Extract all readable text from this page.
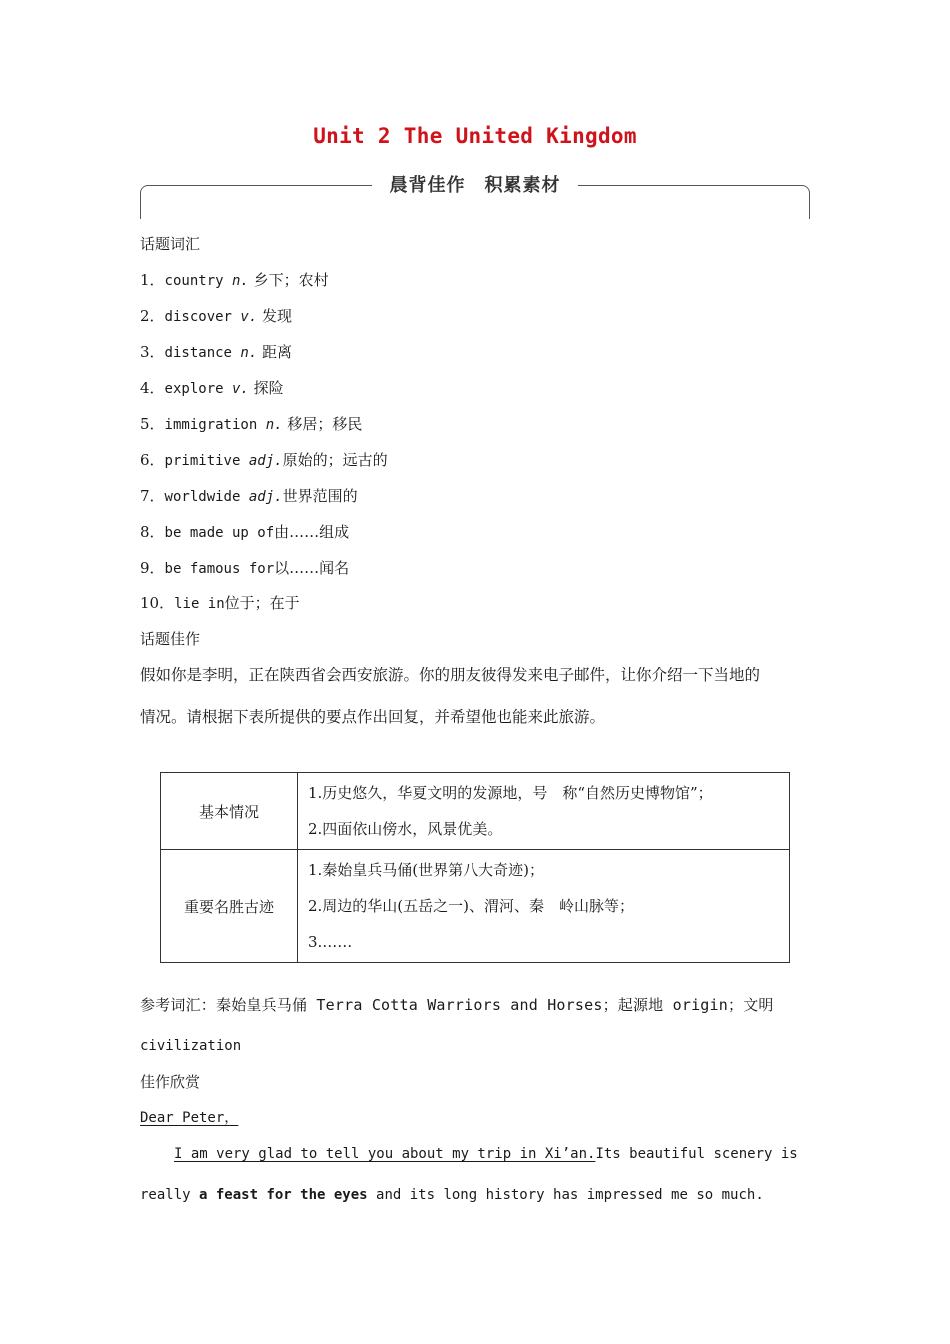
Unit 2 The United Kingdom
晨背佳作　积累素材
话题词汇
1．country n. 乡下；农村
2．discover v. 发现
3．distance n. 距离
4．explore v. 探险
5．immigration n. 移居；移民
6．primitive adj.原始的；远古的
7．worldwide adj.世界范围的
8．be made up of由……组成
9．be famous for以……闻名
10．lie in位于；在于
话题佳作
假如你是李明，正在陕西省会西安旅游。你的朋友彼得发来电子邮件，让你介绍一下当地的
情况。请根据下表所提供的要点作出回复，并希望他也能来此旅游。
基本情况	1.历史悠久，华夏文明的发源地，号　称“自然历史博物馆”；
2.四面依山傍水，风景优美。

重要名胜古迹	1.秦始皇兵马俑(世界第八大奇迹)；
2.周边的华山(五岳之一)、渭河、秦　岭山脉等；
3.……
参考词汇：秦始皇兵马俑 Terra Cotta Warriors and Horses；起源地 origin；文明
civilization
佳作欣赏
Dear Peter，
I am very glad to tell you about my trip in Xi’an.Its beautiful scenery is
really a feast for the eyes and its long history has impressed me so much.
